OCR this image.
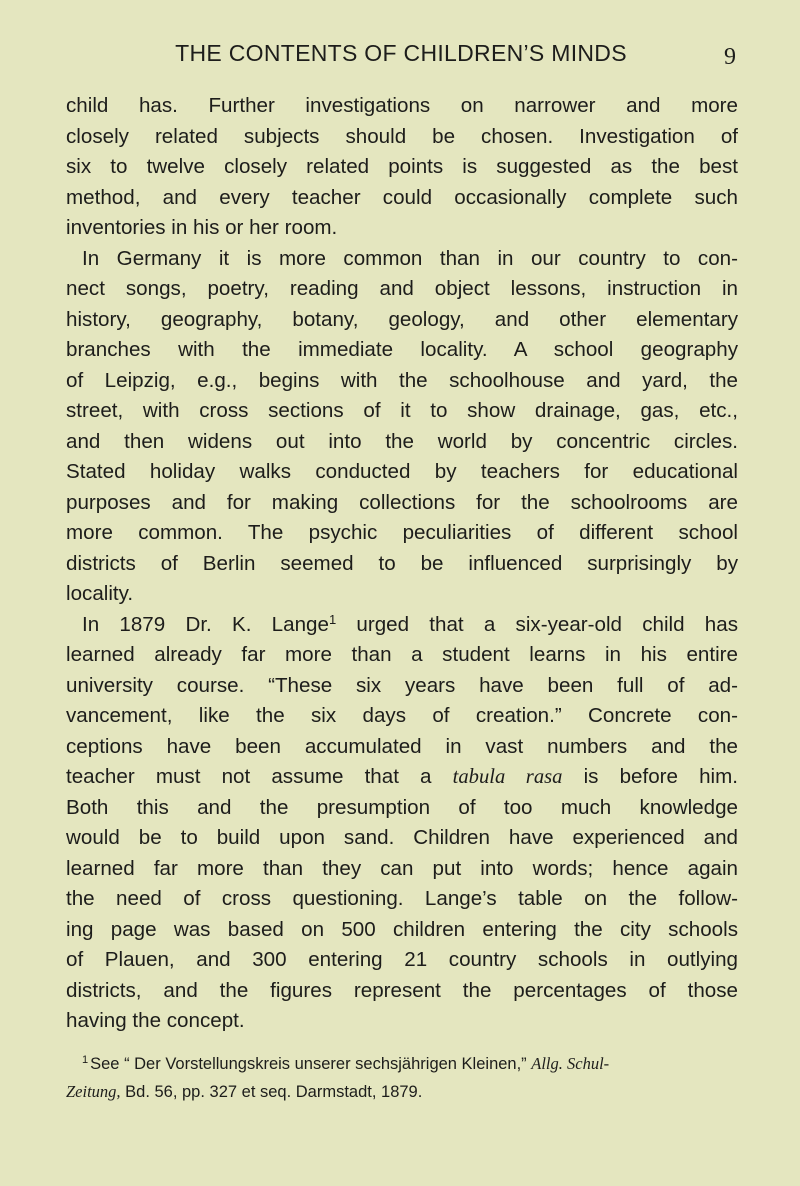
THE CONTENTS OF CHILDREN’S MINDS	9

child has. Further investigations on narrower and more
closely related subjects should be chosen. Investigation of
six to twelve closely related points is suggested as the best
method, and every teacher could occasionally complete such
inventories in his or her room.

In Germany it is more common than in our country to con-
nect songs, poetry, reading and object lessons, instruction in
history, geography, botany, geology, and other elementary
branches with the immediate locality. A school geography
of Leipzig, e.g., begins with the schoolhouse and yard, the
street, with cross sections of it to show drainage, gas, etc.,
and then widens out into the world by concentric circles.
Stated holiday walks conducted by teachers for educational
purposes and for making collections for the schoolrooms are
more common. The psychic peculiarities of different school
districts of Berlin seemed to be influenced surprisingly by
locality.

In 1879 Dr. K. Lange$^1$ urged that a six-year-old child has
learned already far more than a student learns in his entire
university course. “These six years have been full of ad-
vancement, like the six days of creation.” Concrete con-
ceptions have been accumulated in vast numbers and the
teacher must not assume that a tabula rasa is before him.
Both this and the presumption of too much knowledge
would be to build upon sand. Children have experienced and
learned far more than they can put into words; hence again
the need of cross questioning. Lange’s table on the follow-
ing page was based on 500 children entering the city schools
of Plauen, and 300 entering 21 country schools in outlying
districts, and the figures represent the percentages of those
having the concept.

$^1$ See “ Der Vorstellungskreis unserer sechsjährigen Kleinen,” Allg. Schul-
Zeitung, Bd. 56, pp. 327 et seq. Darmstadt, 1879.
